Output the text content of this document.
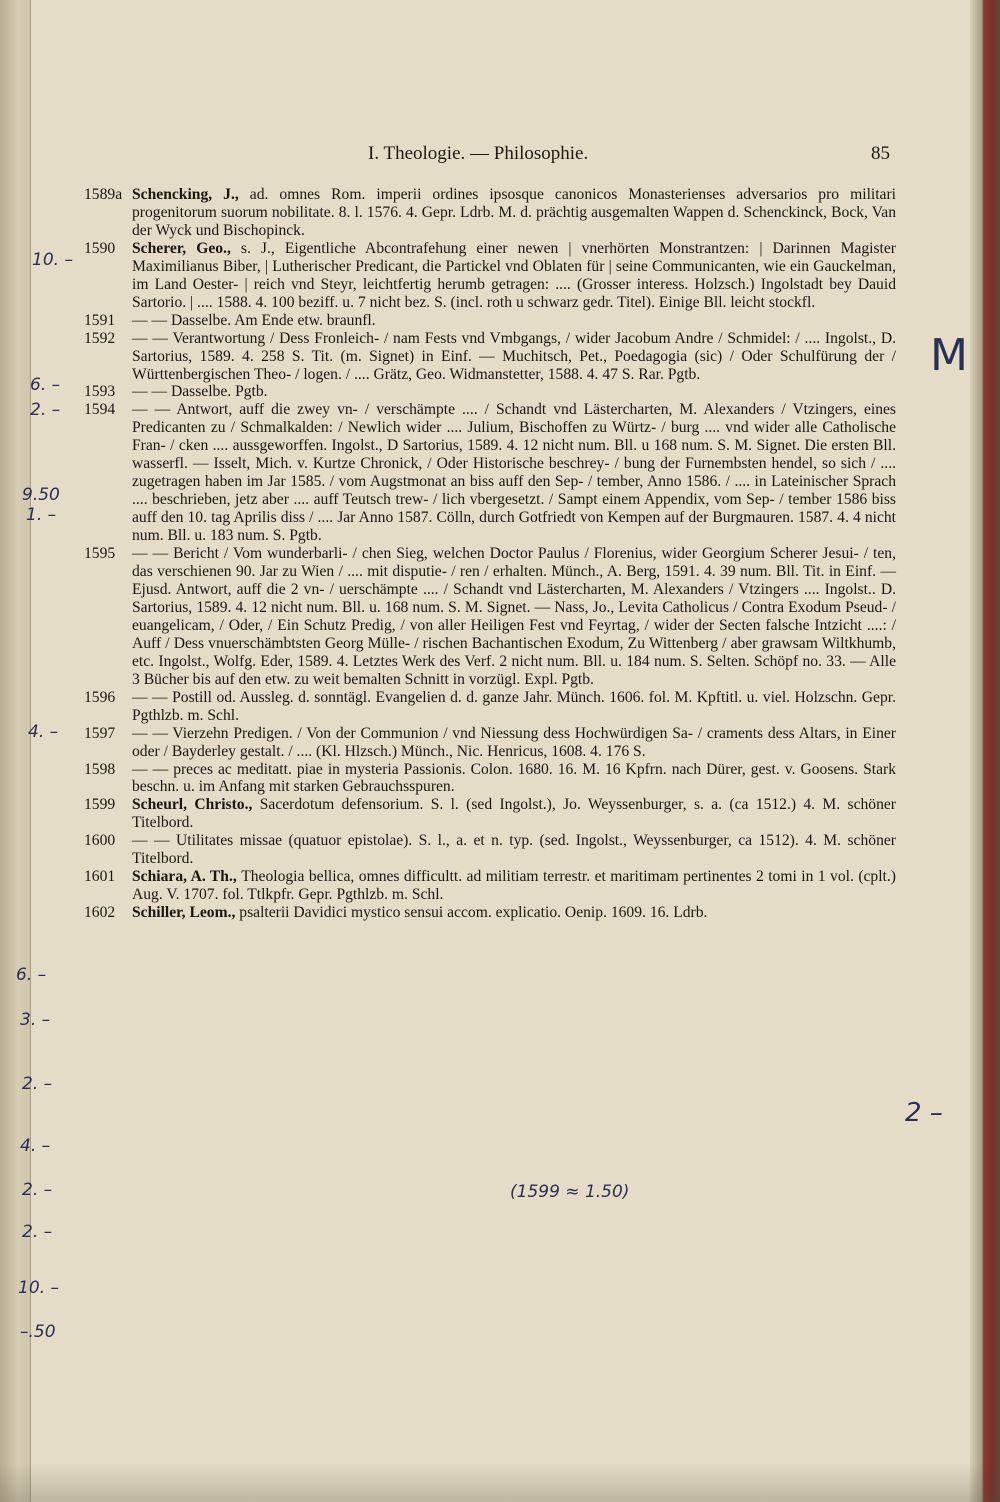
I. Theologie. — Philosophie.	85
1589a Schencking, J., ad. omnes Rom. imperii ordines ipsosque canonicos Monasterienses adversarios pro militari progenitorum suorum nobilitate. 8. l. 1576. 4. Gepr. Ldrb. M. d. prächtig ausgemalten Wappen d. Schenckinck, Bock, Van der Wyck und Bischopinck.
1590 Scherer, Geo., s. J., Eigentliche Abcontrafehung einer newen | vnerhörten Monstrantzen: | Darinnen Magister Maximilianus Biber, | Lutherischer Predicant, die Partickel vnd Oblaten für | seine Communicanten, wie ein Gauckelman, im Land Oester- | reich vnd Steyr, leichtfertig herumb getragen: .... (Grosser interess. Holzsch.) Ingolstadt bey Dauid Sartorio. | .... 1588. 4. 100 beziff. u. 7 nicht bez. S. (incl. roth u schwarz gedr. Titel). Einige Bll. leicht stockfl.
1591 — — Dasselbe. Am Ende etw. braunfl.
1592 — — Verantwortung / Dess Fronleich- / nam Fests vnd Vmbgangs, / wider Jacobum Andre / Schmidel: / .... Ingolst., D. Sartorius, 1589. 4. 258 S. Tit. (m. Signet) in Einf. — Muchitsch, Pet., Poedagogia (sic) / Oder Schulfürung der / Württenbergischen Theo- / logen. / .... Grätz, Geo. Widmanstetter, 1588. 4. 47 S. Rar. Pgtb.
1593 — — Dasselbe. Pgtb.
1594 — — Antwort, auff die zwey vn- / verschämpte .... / Schandt vnd Lästercharten, M. Alexanders / Vtzingers, eines Predicanten zu / Schmalkalden: / Newlich wider .... Julium, Bischoffen zu Würtz- / burg .... vnd wider alle Catholische Fran- / cken .... aussgeworffen. Ingolst., D Sartorius, 1589. 4. 12 nicht num. Bll. u 168 num. S. M. Signet. Die ersten Bll. wasserfl. — Isselt, Mich. v. Kurtze Chronick, / Oder Historische beschrey- / bung der Furnembsten hendel, so sich / .... zugetragen haben im Jar 1585. / vom Augstmonat an biss auff den Sep- / tember, Anno 1586. / .... in Lateinischer Sprach .... beschrieben, jetz aber .... auff Teutsch trew- / lich vbergesetzt. / Sampt einem Appendix, vom Sep- / tember 1586 biss auff den 10. tag Aprilis diss / .... Jar Anno 1587. Cölln, durch Gotfriedt von Kempen auf der Burgmauren. 1587. 4. 4 nicht num. Bll. u. 183 num. S. Pgtb.
1595 — — Bericht / Vom wunderbarli- / chen Sieg, welchen Doctor Paulus / Florenius, wider Georgium Scherer Jesui- / ten, das verschienen 90. Jar zu Wien / .... mit disputie- / ren / erhalten. Münch., A. Berg, 1591. 4. 39 num. Bll. Tit. in Einf. — Ejusd. Antwort, auff die 2 vn- / uerschämpte .... / Schandt vnd Lästercharten, M. Alexanders / Vtzingers .... Ingolst.. D. Sartorius, 1589. 4. 12 nicht num. Bll. u. 168 num. S. M. Signet. — Nass, Jo., Levita Catholicus / Contra Exodum Pseud- / euangelicam, / Oder, / Ein Schutz Predig, / von aller Heiligen Fest vnd Feyrtag, / wider der Secten falsche Intzicht ....: / Auff / Dess vnuerschämbtsten Georg Mülle- / rischen Bachantischen Exodum, Zu Wittenberg / aber grawsam Wiltkhumb, etc. Ingolst., Wolfg. Eder, 1589. 4. Letztes Werk des Verf. 2 nicht num. Bll. u. 184 num. S. Selten. Schöpf no. 33. — Alle 3 Bücher bis auf den etw. zu weit bemalten Schnitt in vorzügl. Expl. Pgtb.
1596 — — Postill od. Aussleg. d. sonntägl. Evangelien d. d. ganze Jahr. Münch. 1606. fol. M. Kpftitl. u. viel. Holzschn. Gepr. Pgthlzb. m. Schl.
1597 — — Vierzehn Predigen. / Von der Communion / vnd Niessung dess Hochwürdigen Sa- / craments dess Altars, in Einer oder / Bayderley gestalt. / .... (Kl. Hlzsch.) Münch., Nic. Henricus, 1608. 4. 176 S.
1598 — — preces ac meditatt. piae in mysteria Passionis. Colon. 1680. 16. M. 16 Kpfrn. nach Dürer, gest. v. Goosens. Stark beschn. u. im Anfang mit starken Gebrauchsspuren.
1599 Scheurl, Christo., Sacerdotum defensorium. S. l. (sed Ingolst.), Jo. Weyssenburger, s. a. (ca 1512.) 4. M. schöner Titelbord.
1600 — — Utilitates missae (quatuor epistolae). S. l., a. et n. typ. (sed. Ingolst., Weyssenburger, ca 1512). 4. M. schöner Titelbord.
1601 Schiara, A. Th., Theologia bellica, omnes difficultt. ad militiam terrestr. et maritimam pertinentes 2 tomi in 1 vol. (cplt.) Aug. V. 1707. fol. Ttlkpfr. Gepr. Pgthlzb. m. Schl.
1602 Schiller, Leom., psalterii Davidici mystico sensui accom. explicatio. Oenip. 1609. 16. Ldrb.
10. –
6. –
2. –
9.50
1. –
4. –
6. –
3. –
2. –
4. –
2. –
2. –
10. –
–.50
M
2 –
(1599 ≈ 1.50)
